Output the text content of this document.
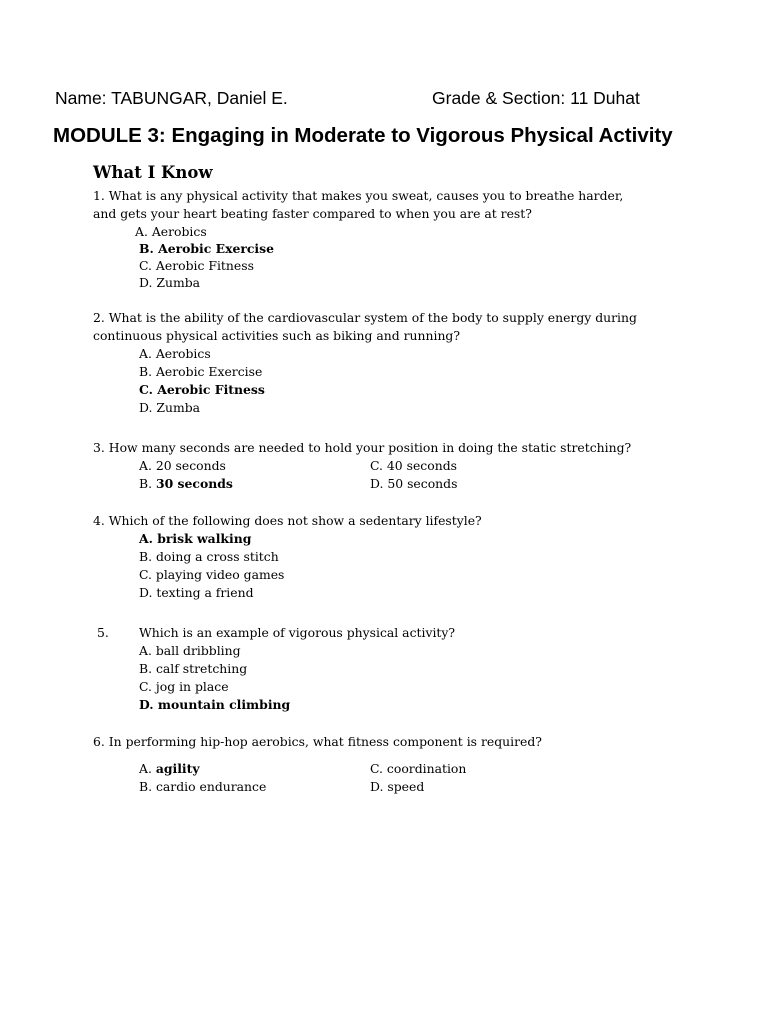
Name: TABUNGAR, Daniel E.	Grade & Section: 11 Duhat
MODULE 3: Engaging in Moderate to Vigorous Physical Activity
What I Know
1. What is any physical activity that makes you sweat, causes you to breathe harder,
and gets your heart beating faster compared to when you are at rest?
A. Aerobics
B. Aerobic Exercise
C. Aerobic Fitness
D. Zumba
2. What is the ability of the cardiovascular system of the body to supply energy during
continuous physical activities such as biking and running?
A. Aerobics
B. Aerobic Exercise
C. Aerobic Fitness
D. Zumba
3. How many seconds are needed to hold your position in doing the static stretching?
A. 20 seconds	C. 40 seconds
B. 30 seconds	D. 50 seconds
4. Which of the following does not show a sedentary lifestyle?
A. brisk walking
B. doing a cross stitch
C. playing video games
D. texting a friend
5. Which is an example of vigorous physical activity?
A. ball dribbling
B. calf stretching
C. jog in place
D. mountain climbing
6. In performing hip-hop aerobics, what fitness component is required?
A. agility	C. coordination
B. cardio endurance	D. speed
